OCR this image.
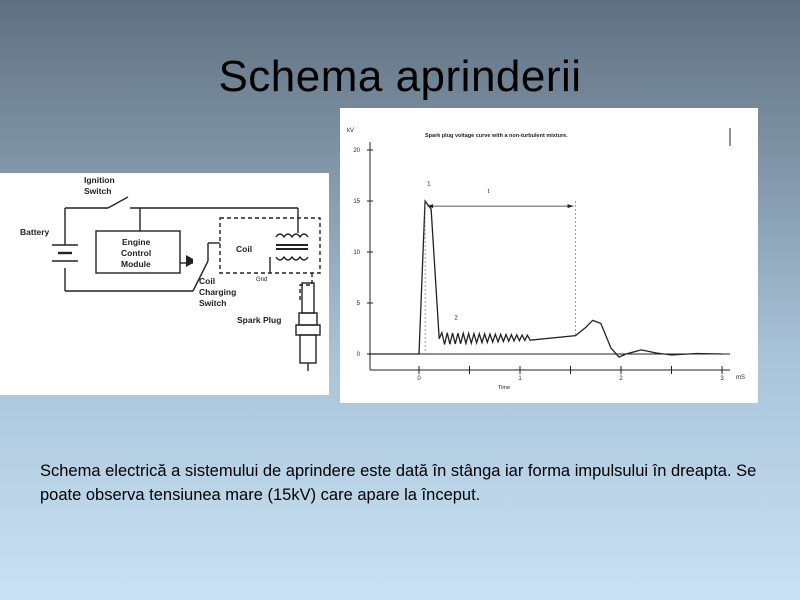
Schema aprinderii
Battery
Ignition
Switch
Engine
Control
Module
Coil
Coil
Charging
Switch
Spark Plug
Gnd
Spark plug voltage curve with a non-turbulent mixture.
kV
Time
mS
0
5
10
15
20
0	1	2	3
1
2
t
Schema electrică a sistemului de aprindere este dată în stânga iar forma impulsului în dreapta. Se poate observa tensiunea mare (15kV) care apare la început.
